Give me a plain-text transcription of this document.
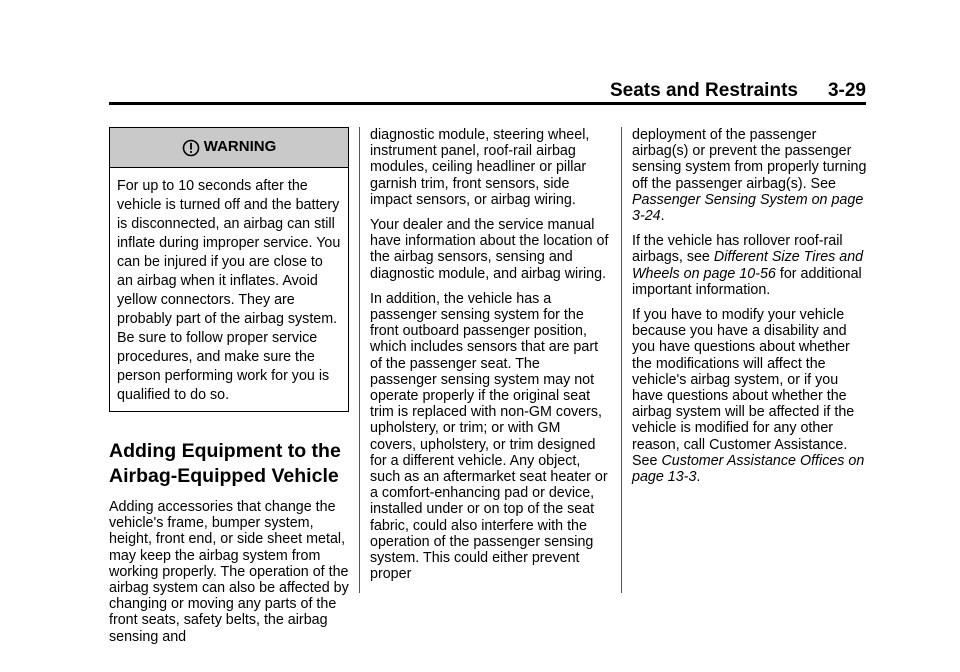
Seats and Restraints 3-29
WARNING
For up to 10 seconds after the vehicle is turned off and the battery is disconnected, an airbag can still inflate during improper service. You can be injured if you are close to an airbag when it inflates. Avoid yellow connectors. They are probably part of the airbag system. Be sure to follow proper service procedures, and make sure the person performing work for you is qualified to do so.
Adding Equipment to the Airbag-Equipped Vehicle

Adding accessories that change the vehicle's frame, bumper system, height, front end, or side sheet metal, may keep the airbag system from working properly. The operation of the airbag system can also be affected by changing or moving any parts of the front seats, safety belts, the airbag sensing and

diagnostic module, steering wheel, instrument panel, roof-rail airbag modules, ceiling headliner or pillar garnish trim, front sensors, side impact sensors, or airbag wiring.

Your dealer and the service manual have information about the location of the airbag sensors, sensing and diagnostic module, and airbag wiring.

In addition, the vehicle has a passenger sensing system for the front outboard passenger position, which includes sensors that are part of the passenger seat. The passenger sensing system may not operate properly if the original seat trim is replaced with non-GM covers, upholstery, or trim; or with GM covers, upholstery, or trim designed for a different vehicle. Any object, such as an aftermarket seat heater or a comfort-enhancing pad or device, installed under or on top of the seat fabric, could also interfere with the operation of the passenger sensing system. This could either prevent proper

deployment of the passenger airbag(s) or prevent the passenger sensing system from properly turning off the passenger airbag(s). See Passenger Sensing System on page 3-24.

If the vehicle has rollover roof-rail airbags, see Different Size Tires and Wheels on page 10-56 for additional important information.

If you have to modify your vehicle because you have a disability and you have questions about whether the modifications will affect the vehicle's airbag system, or if you have questions about whether the airbag system will be affected if the vehicle is modified for any other reason, call Customer Assistance. See Customer Assistance Offices on page 13-3.
